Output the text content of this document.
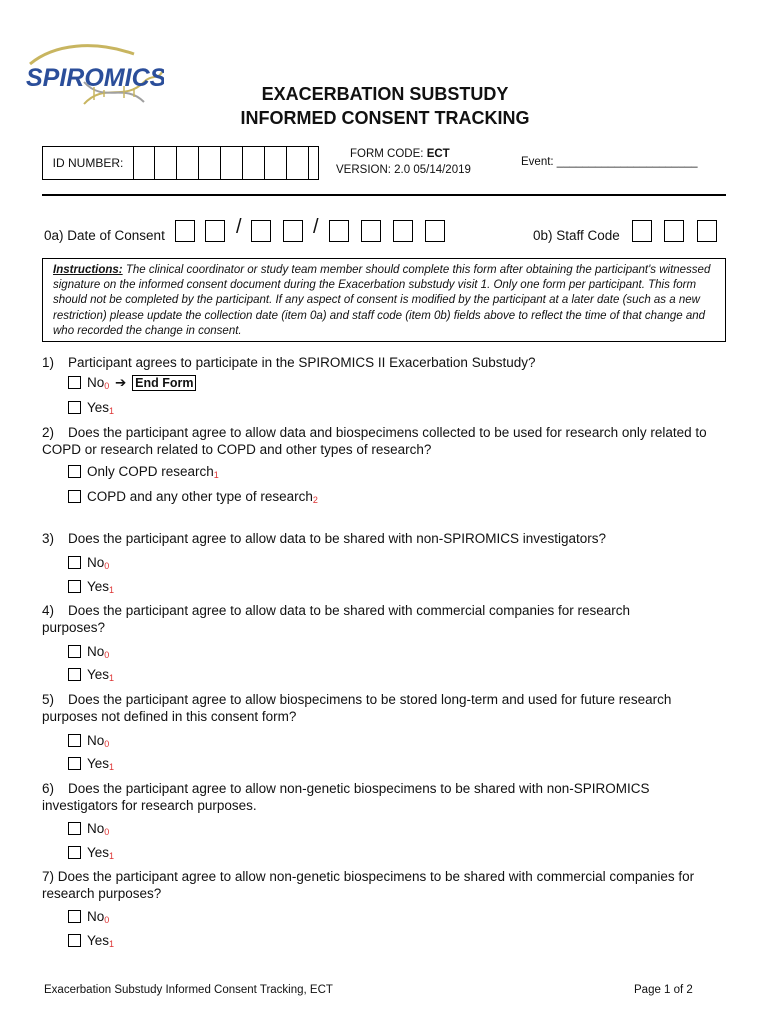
SPIROMICS
EXACERBATION SUBSTUDY
INFORMED CONSENT TRACKING
ID NUMBER:
FORM CODE: ECT
VERSION: 2.0 05/14/2019
Event: ______________________
0a) Date of Consent	/	/	0b) Staff Code
Instructions: The clinical coordinator or study team member should complete this form after obtaining the participant's witnessed signature on the informed consent document during the Exacerbation substudy visit 1. Only one form per participant. This form should not be completed by the participant. If any aspect of consent is modified by the participant at a later date (such as a new restriction) please update the collection date (item 0a) and staff code (item 0b) fields above to reflect the time of that change and who recorded the change in consent.
1) Participant agrees to participate in the SPIROMICS II Exacerbation Substudy?
No0 ➔ End Form
Yes1
2) Does the participant agree to allow data and biospecimens collected to be used for research only related to COPD or research related to COPD and other types of research?
Only COPD research1
COPD and any other type of research2
3) Does the participant agree to allow data to be shared with non-SPIROMICS investigators?
No0
Yes1
4) Does the participant agree to allow data to be shared with commercial companies for research purposes?
No0
Yes1
5) Does the participant agree to allow biospecimens to be stored long-term and used for future research purposes not defined in this consent form?
No0
Yes1
6) Does the participant agree to allow non-genetic biospecimens to be shared with non-SPIROMICS investigators for research purposes.
No0
Yes1
7) Does the participant agree to allow non-genetic biospecimens to be shared with commercial companies for research purposes?
No0
Yes1
Exacerbation Substudy Informed Consent Tracking, ECT	Page 1 of 2
